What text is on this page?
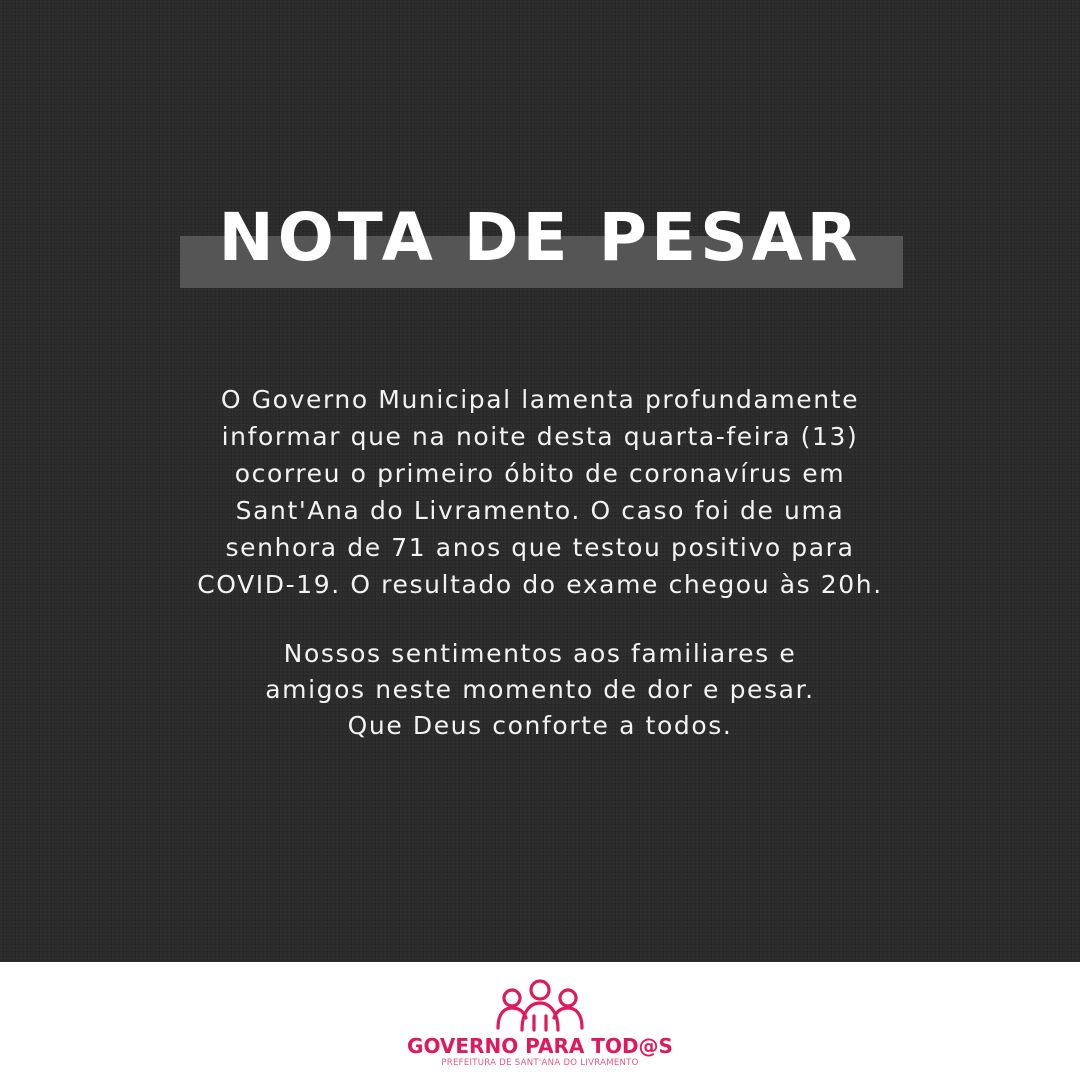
NOTA DE PESAR
O Governo Municipal lamenta profundamente
informar que na noite desta quarta-feira (13)
ocorreu o primeiro óbito de coronavírus em
Sant'Ana do Livramento. O caso foi de uma
senhora de 71 anos que testou positivo para
COVID-19. O resultado do exame chegou às 20h.
Nossos sentimentos aos familiares e
amigos neste momento de dor e pesar.
Que Deus conforte a todos.
GOVERNO PARA TOD@S
PREFEITURA DE SANT'ANA DO LIVRAMENTO
